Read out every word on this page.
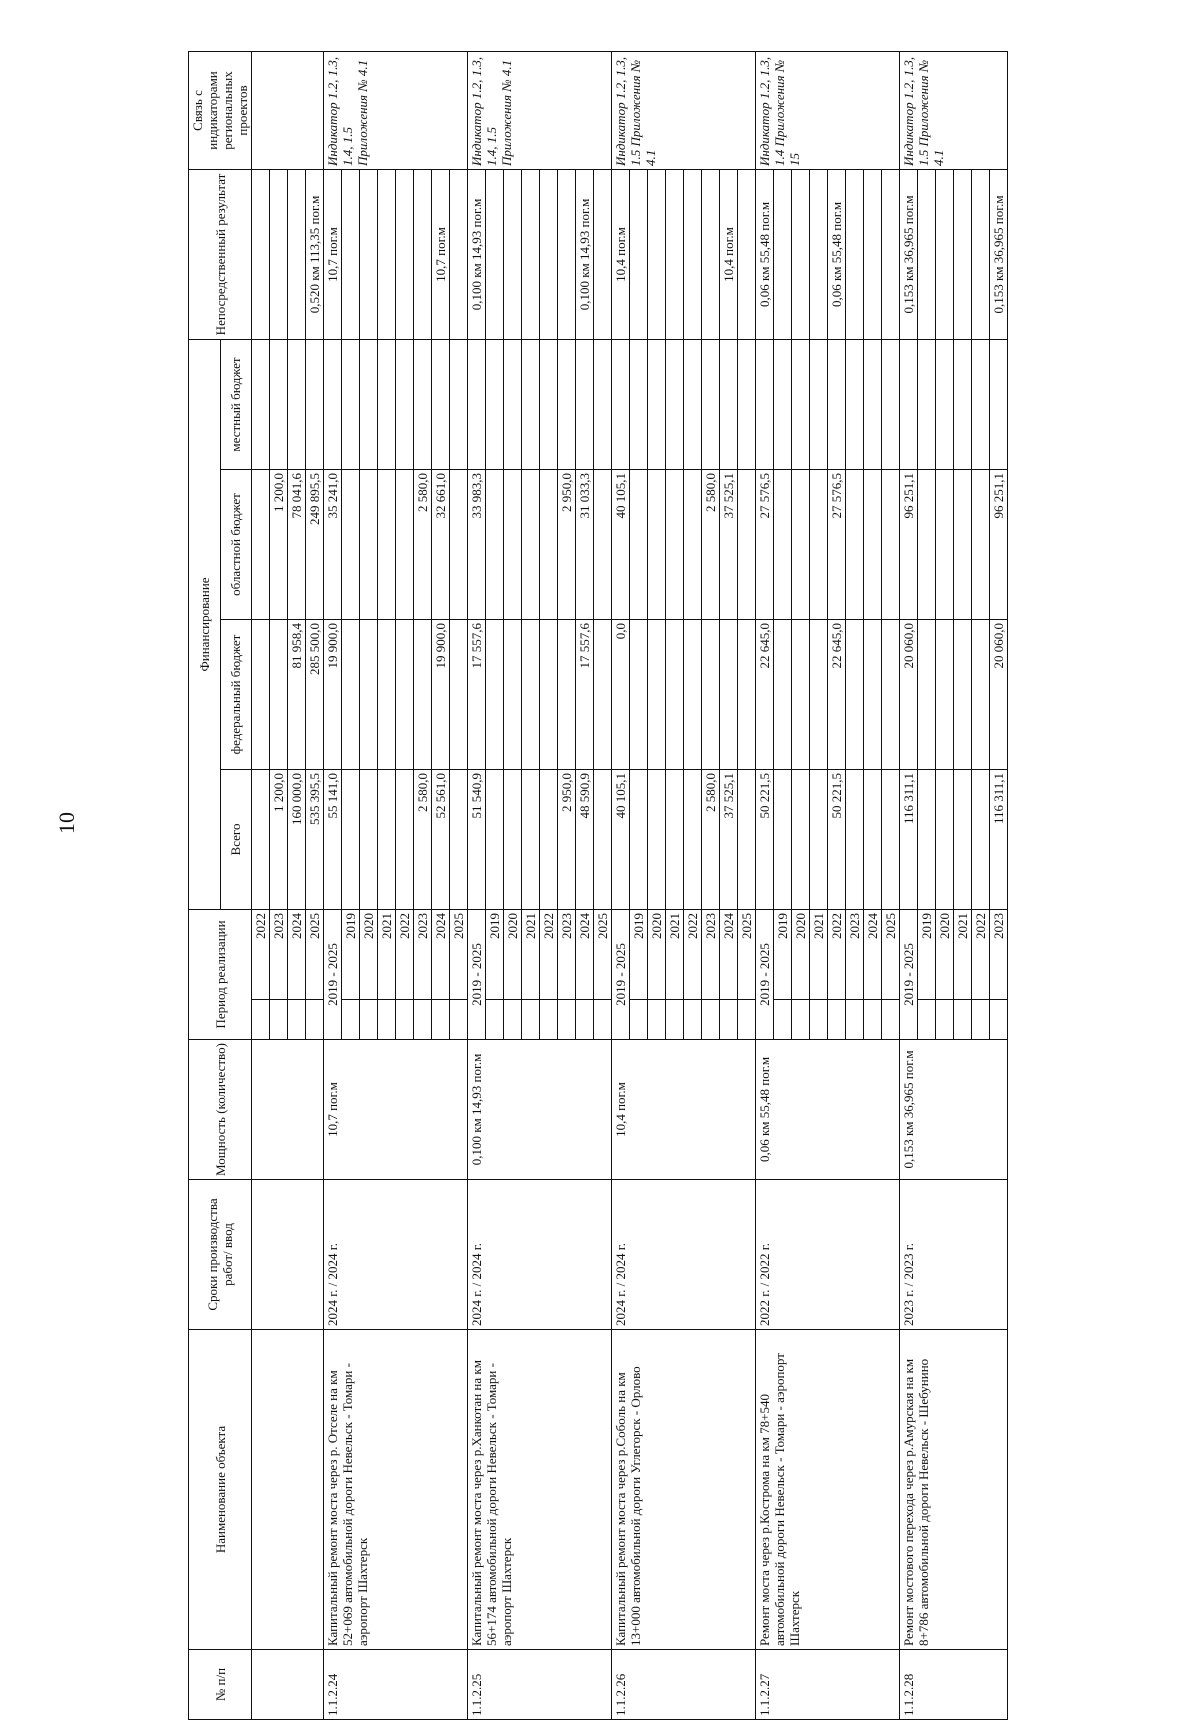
10
№ п/п	Наименование объекта	Сроки производства работ/ ввод	Мощность (количество)	Период реализации		Финансирование				Непосредственный результат	Связь с индикаторами региональных проектов
						Всего	федеральный бюджет	областной бюджет	местный бюджет		
					2022						
					2023	1 200,0		1 200,0			
					2024	160 000,0	81 958,4	78 041,6			
					2025	535 395,5	285 500,0	249 895,5		0,520 км 113,35 пог.м	
1.1.2.24	Капитальный ремонт моста через р. Отселе на км 52+069 автомобильной дороги Невельск - Томари - аэропорт Шахтерск	2024 г. / 2024 г.	10,7 пог.м	2019 - 2025		55 141,0	19 900,0	35 241,0		10,7 пог.м	Индикатор 1.2, 1.3, 1.4, 1.5 Приложения № 4.1
					2019						
					2020						
					2021						
					2022						
					2023	2 580,0		2 580,0			
					2024	52 561,0	19 900,0	32 661,0		10,7 пог.м	
					2025						
1.1.2.25	Капитальный ремонт моста через р.Ханкотан на км 56+174 автомобильной дороги Невельск - Томари - аэропорт Шахтерск	2024 г. / 2024 г.	0,100 км 14,93 пог.м	2019 - 2025		51 540,9	17 557,6	33 983,3		0,100 км 14,93 пог.м	Индикатор 1.2, 1.3, 1.4, 1.5 Приложения № 4.1
					2019						
					2020						
					2021						
					2022						
					2023	2 950,0		2 950,0			
					2024	48 590,9	17 557,6	31 033,3		0,100 км 14,93 пог.м	
					2025						
1.1.2.26	Капитальный ремонт моста через р.Соболь на км 13+000 автомобильной дороги Углегорск - Орлово	2024 г. / 2024 г.	10,4 пог.м	2019 - 2025		40 105,1	0,0	40 105,1		10,4 пог.м	Индикатор 1.2, 1.3, 1.5 Приложения № 4.1
					2019						
					2020						
					2021						
					2022						
					2023	2 580,0		2 580,0			
					2024	37 525,1		37 525,1		10,4 пог.м	
					2025						
1.1.2.27	Ремонт моста через р.Кострома на км 78+540 автомобильной дороги Невельск - Томари - аэропорт Шахтерск	2022 г. / 2022 г.	0,06 км 55,48 пог.м	2019 - 2025		50 221,5	22 645,0	27 576,5		0,06 км 55,48 пог.м	Индикатор 1.2, 1.3, 1.4 Приложения № 15
					2019						
					2020						
					2021						
					2022	50 221,5	22 645,0	27 576,5		0,06 км 55,48 пог.м	
					2023						
					2024						
					2025						
1.1.2.28	Ремонт мостового перехода через р.Амурская на км 8+786 автомобильной дороги Невельск - Шебунино	2023 г. / 2023 г.	0,153 км 36,965 пог.м	2019 - 2025		116 311,1	20 060,0	96 251,1		0,153 км 36,965 пог.м	Индикатор 1.2, 1.3, 1.5 Приложения № 4.1
					2019						
					2020						
					2021						
					2022						
					2023	116 311,1	20 060,0	96 251,1		0,153 км 36,965 пог.м	
